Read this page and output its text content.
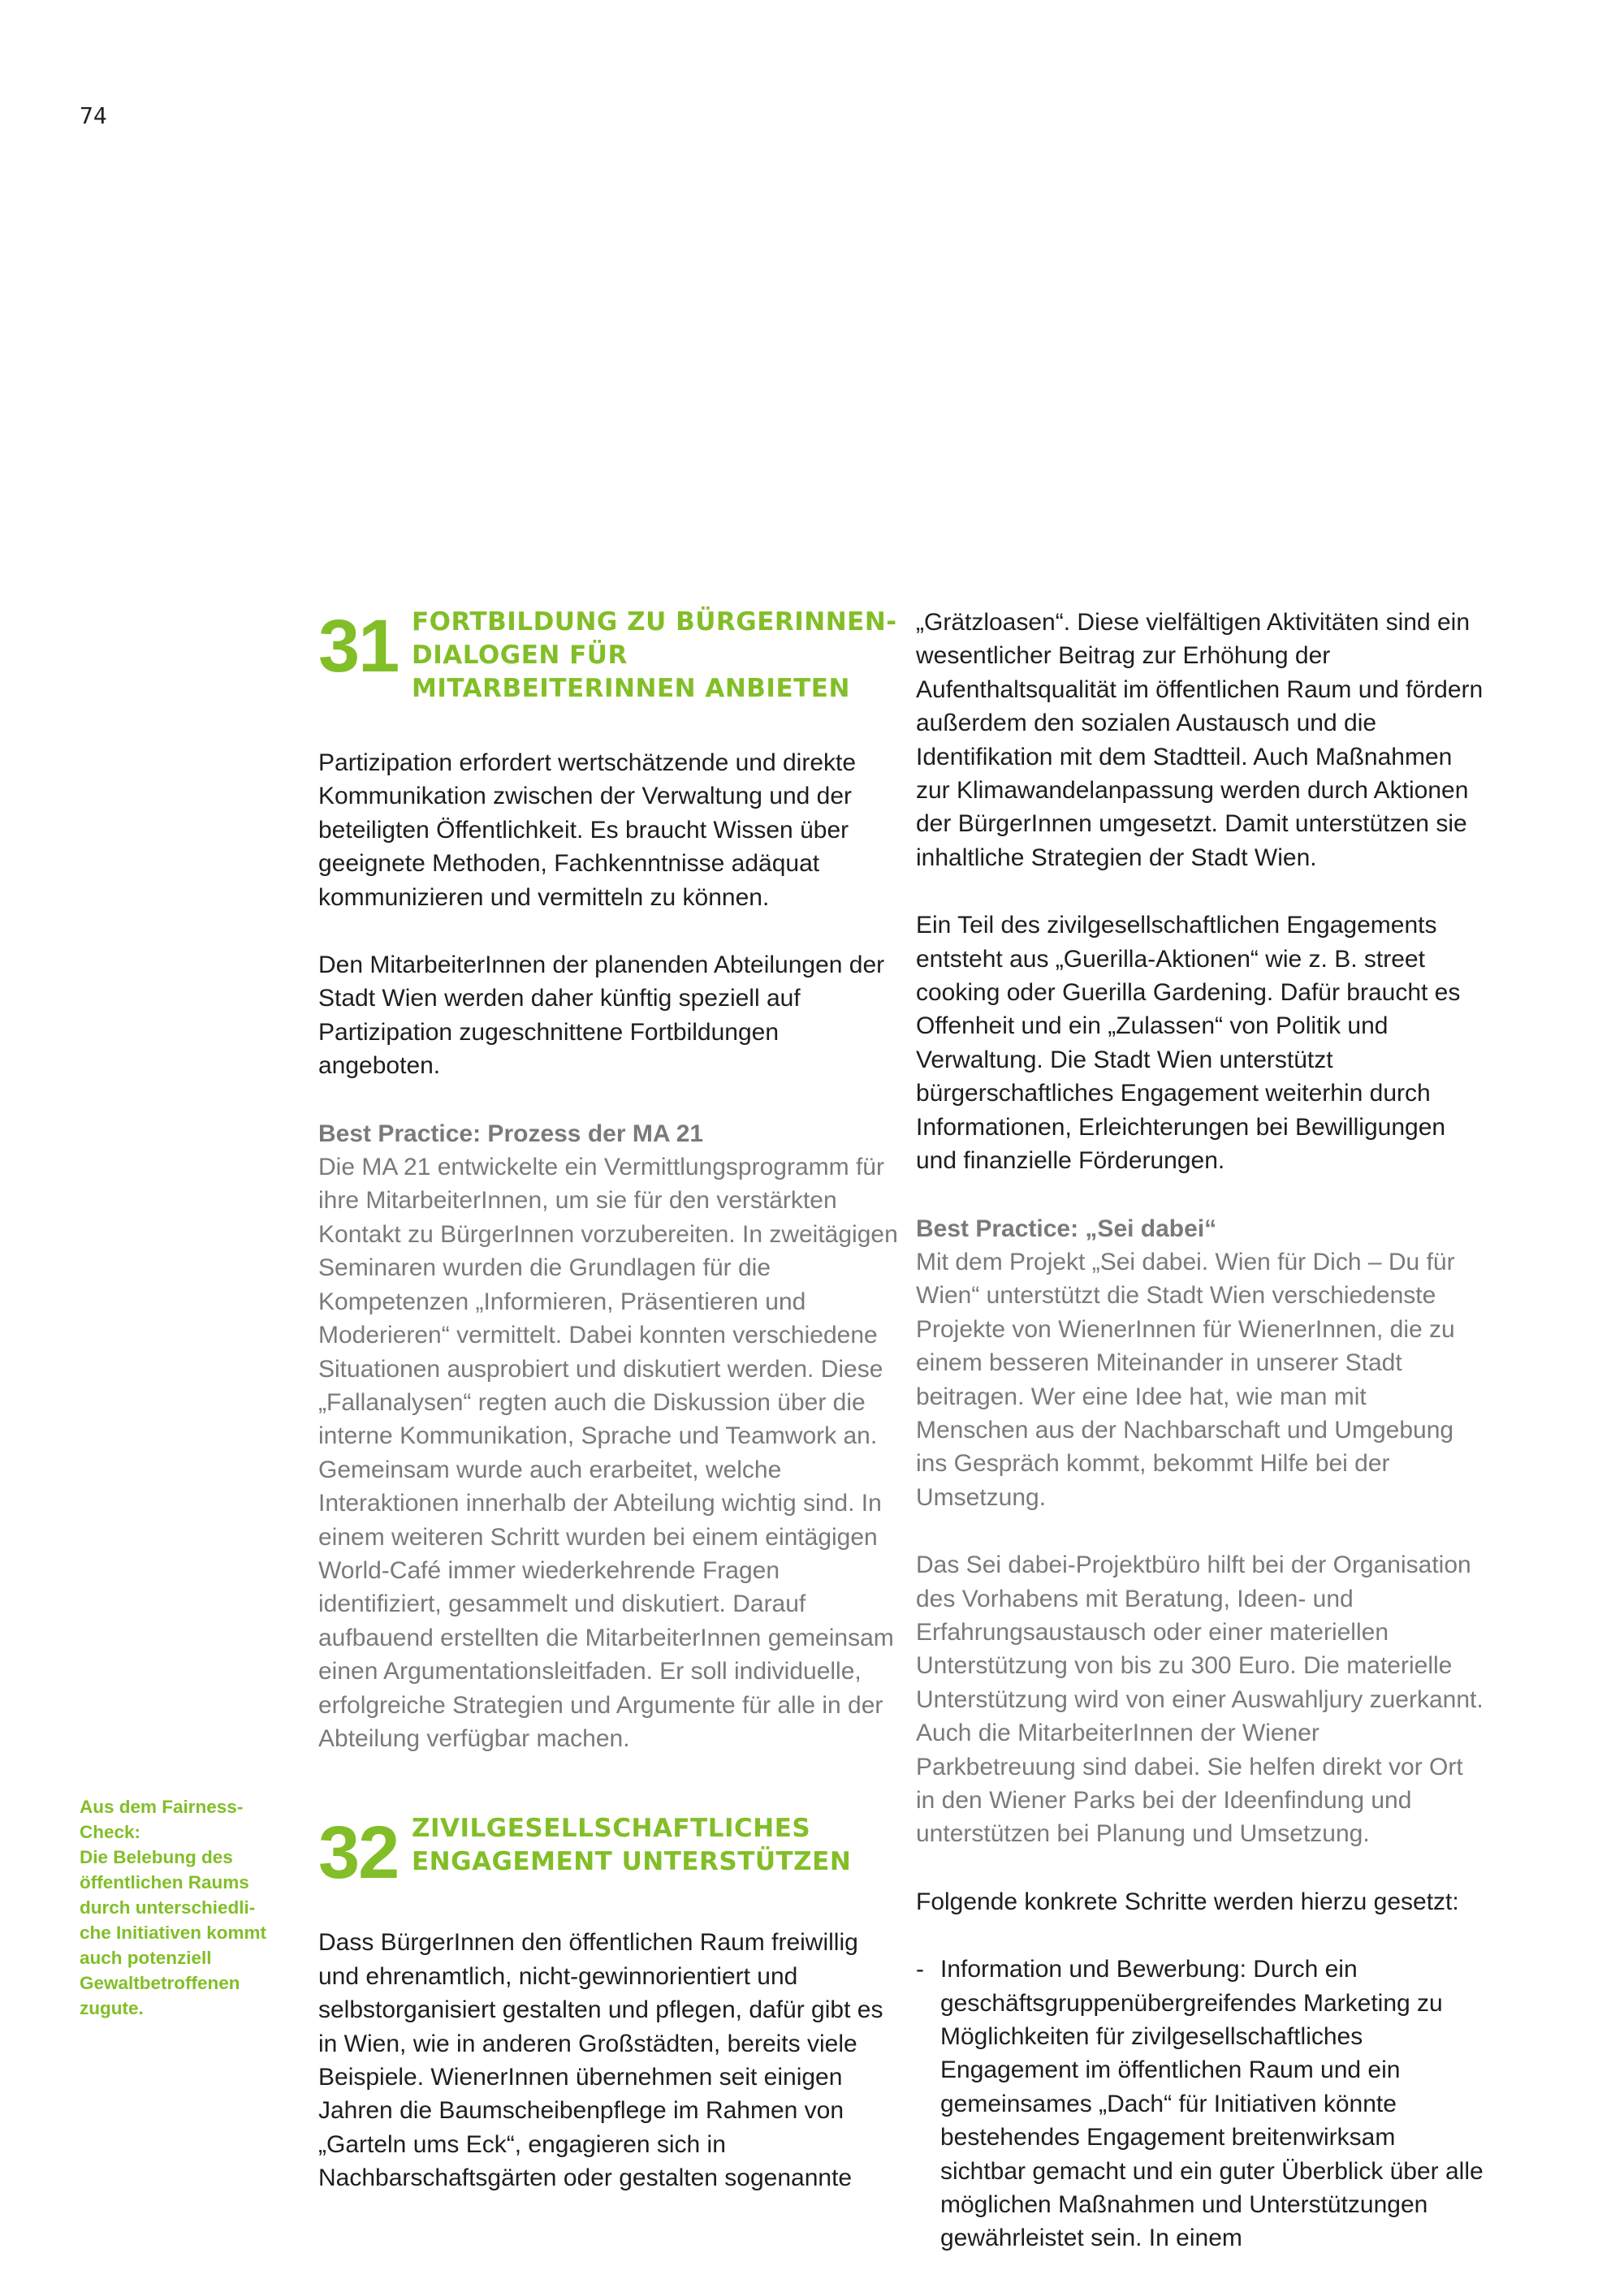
74
31 FORTBILDUNG ZU BÜRGERINNEN-DIALOGEN FÜR MITARBEITERINNEN ANBIETEN

Partizipation erfordert wertschätzende und direkte Kommunikation zwischen der Verwaltung und der beteiligten Öffentlichkeit. Es braucht Wissen über geeignete Methoden, Fachkenntnisse adäquat kommunizieren und vermitteln zu können.

Den MitarbeiterInnen der planenden Abteilungen der Stadt Wien werden daher künftig speziell auf Partizipation zugeschnittene Fortbildungen angeboten.

Best Practice: Prozess der MA 21

Die MA 21 entwickelte ein Vermittlungsprogramm für ihre MitarbeiterInnen, um sie für den verstärkten Kontakt zu BürgerInnen vorzubereiten. In zweitägigen Seminaren wurden die Grundlagen für die Kompetenzen „Informieren, Präsentieren und Moderieren“ vermittelt. Dabei konnten verschiedene Situationen ausprobiert und diskutiert werden. Diese „Fallanalysen“ regten auch die Diskussion über die interne Kommunikation, Sprache und Teamwork an. Gemeinsam wurde auch erarbeitet, welche Interaktionen innerhalb der Abteilung wichtig sind. In einem weiteren Schritt wurden bei einem eintägigen World-Café immer wiederkehrende Fragen identifiziert, gesammelt und diskutiert. Darauf aufbauend erstellten die MitarbeiterInnen gemeinsam einen Argumentationsleitfaden. Er soll individuelle, erfolgreiche Strategien und Argumente für alle in der Abteilung verfügbar machen.

32 ZIVILGESELLSCHAFTLICHES ENGAGEMENT UNTERSTÜTZEN

Dass BürgerInnen den öffentlichen Raum freiwillig und ehrenamtlich, nicht-gewinnorientiert und selbstorganisiert gestalten und pflegen, dafür gibt es in Wien, wie in anderen Großstädten, bereits viele Beispiele. WienerInnen übernehmen seit einigen Jahren die Baumscheibenpflege im Rahmen von „Garteln ums Eck“, engagieren sich in Nachbarschaftsgärten oder gestalten sogenannte

„Grätzloasen“. Diese vielfältigen Aktivitäten sind ein wesentlicher Beitrag zur Erhöhung der Aufenthaltsqualität im öffentlichen Raum und fördern außerdem den sozialen Austausch und die Identifikation mit dem Stadtteil. Auch Maßnahmen zur Klimawandelanpassung werden durch Aktionen der BürgerInnen umgesetzt. Damit unterstützen sie inhaltliche Strategien der Stadt Wien.

Ein Teil des zivilgesellschaftlichen Engagements entsteht aus „Guerilla-Aktionen“ wie z. B. street cooking oder Guerilla Gardening. Dafür braucht es Offenheit und ein „Zulassen“ von Politik und Verwaltung. Die Stadt Wien unterstützt bürgerschaftliches Engagement weiterhin durch Informationen, Erleichterungen bei Bewilligungen und finanzielle Förderungen.

Best Practice: „Sei dabei“

Mit dem Projekt „Sei dabei. Wien für Dich – Du für Wien“ unterstützt die Stadt Wien verschiedenste Projekte von WienerInnen für WienerInnen, die zu einem besseren Miteinander in unserer Stadt beitragen. Wer eine Idee hat, wie man mit Menschen aus der Nachbarschaft und Umgebung ins Gespräch kommt, bekommt Hilfe bei der Umsetzung.

Das Sei dabei-Projektbüro hilft bei der Organisation des Vorhabens mit Beratung, Ideen- und Erfahrungsaustausch oder einer materiellen Unterstützung von bis zu 300 Euro. Die materielle Unterstützung wird von einer Auswahljury zuerkannt. Auch die MitarbeiterInnen der Wiener Parkbetreuung sind dabei. Sie helfen direkt vor Ort in den Wiener Parks bei der Ideenfindung und unterstützen bei Planung und Umsetzung.

Folgende konkrete Schritte werden hierzu gesetzt:

- Information und Bewerbung: Durch ein geschäftsgruppenübergreifendes Marketing zu Möglichkeiten für zivilgesellschaftliches Engagement im öffentlichen Raum und ein gemeinsames „Dach“ für Initiativen könnte bestehendes Engagement breitenwirksam sichtbar gemacht und ein guter Überblick über alle möglichen Maßnahmen und Unterstützungen gewährleistet sein. In einem
Aus dem Fairness-
Check:
Die Belebung des
öffentlichen Raums
durch unterschiedli-
che Initiativen kommt
auch potenziell
Gewaltbetroffenen
zugute.
